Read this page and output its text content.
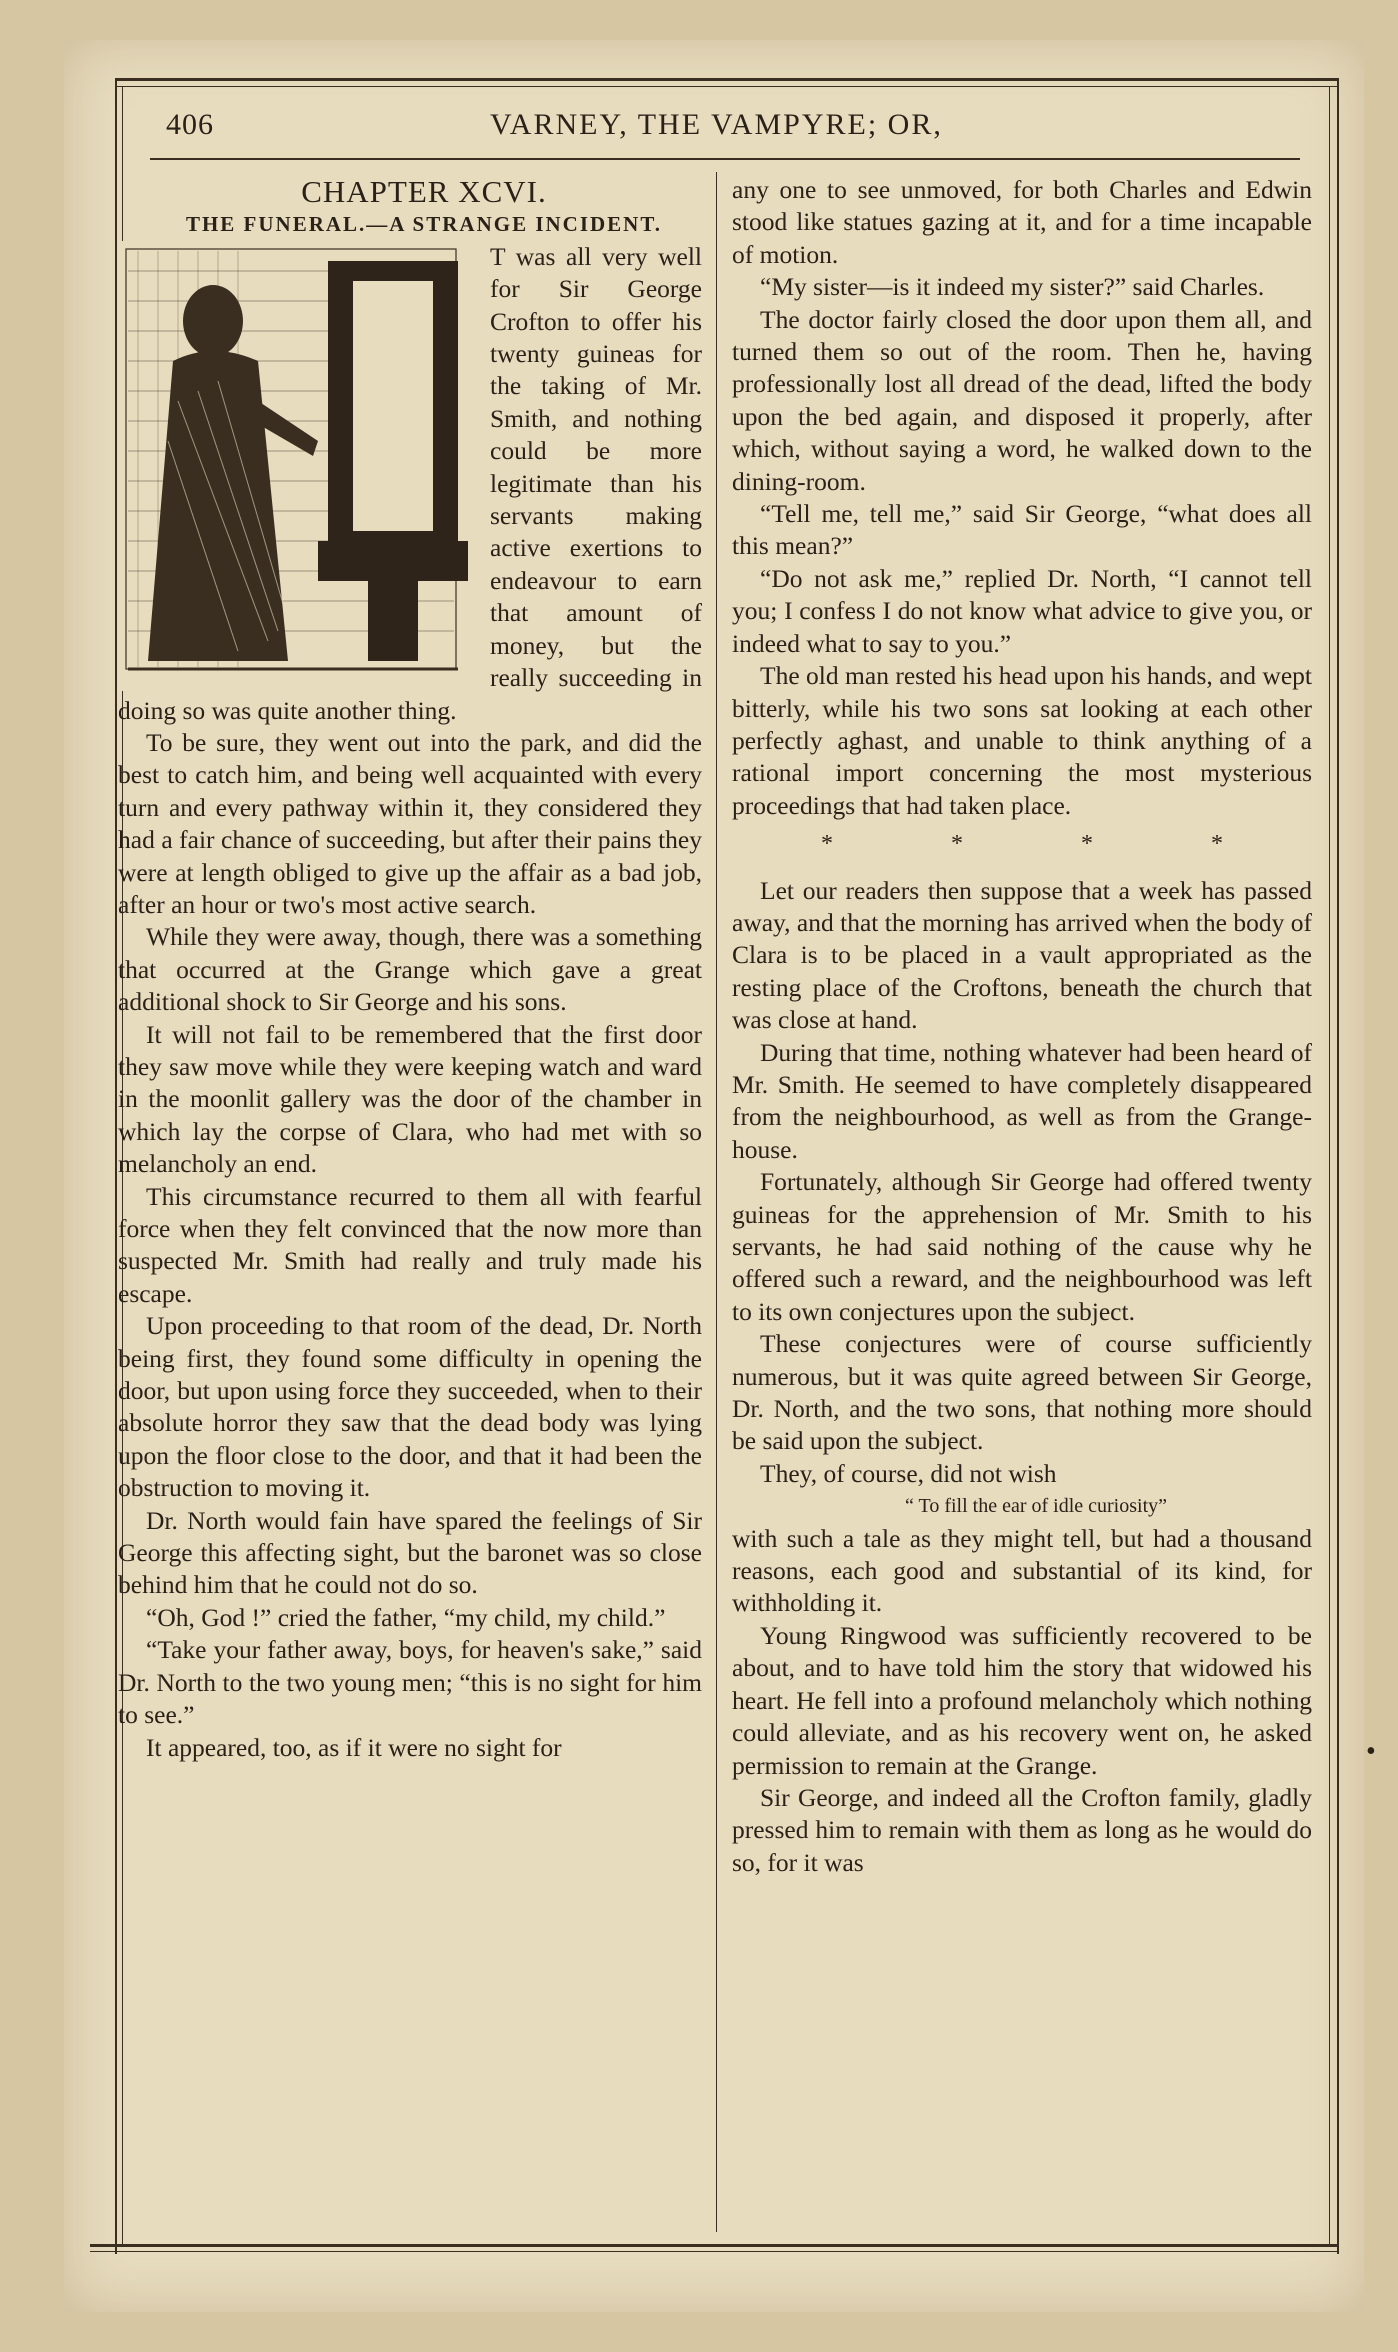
406	VARNEY, THE VAMPYRE; OR,

CHAPTER XCVI.

THE FUNERAL.—A STRANGE INCIDENT.

T was all very well for Sir George Crofton to offer his twenty guineas for the taking of Mr. Smith, and nothing could be more legitimate than his servants making active exertions to endeavour to earn that amount of money, but the really succeeding in doing so was quite another thing.

To be sure, they went out into the park, and did the best to catch him, and being well acquainted with every turn and every pathway within it, they considered they had a fair chance of succeeding, but after their pains they were at length obliged to give up the affair as a bad job, after an hour or two's most active search.

While they were away, though, there was a something that occurred at the Grange which gave a great additional shock to Sir George and his sons.

It will not fail to be remembered that the first door they saw move while they were keeping watch and ward in the moonlit gallery was the door of the chamber in which lay the corpse of Clara, who had met with so melancholy an end.

This circumstance recurred to them all with fearful force when they felt convinced that the now more than suspected Mr. Smith had really and truly made his escape.

Upon proceeding to that room of the dead, Dr. North being first, they found some difficulty in opening the door, but upon using force they succeeded, when to their absolute horror they saw that the dead body was lying upon the floor close to the door, and that it had been the obstruction to moving it.

Dr. North would fain have spared the feelings of Sir George this affecting sight, but the baronet was so close behind him that he could not do so.

“Oh, God !” cried the father, “my child, my child.”

“Take your father away, boys, for heaven's sake,” said Dr. North to the two young men; “this is no sight for him to see.”

It appeared, too, as if it were no sight for

any one to see unmoved, for both Charles and Edwin stood like statues gazing at it, and for a time incapable of motion.

“My sister—is it indeed my sister?” said Charles.

The doctor fairly closed the door upon them all, and turned them so out of the room. Then he, having professionally lost all dread of the dead, lifted the body upon the bed again, and disposed it properly, after which, without saying a word, he walked down to the dining-room.

“Tell me, tell me,” said Sir George, “what does all this mean?”

“Do not ask me,” replied Dr. North, “I cannot tell you; I confess I do not know what advice to give you, or indeed what to say to you.”

The old man rested his head upon his hands, and wept bitterly, while his two sons sat looking at each other perfectly aghast, and unable to think anything of a rational import concerning the most mysterious proceedings that had taken place.

*	*	*	*

Let our readers then suppose that a week has passed away, and that the morning has arrived when the body of Clara is to be placed in a vault appropriated as the resting place of the Croftons, beneath the church that was close at hand.

During that time, nothing whatever had been heard of Mr. Smith. He seemed to have completely disappeared from the neighbourhood, as well as from the Grange-house.

Fortunately, although Sir George had offered twenty guineas for the apprehension of Mr. Smith to his servants, he had said nothing of the cause why he offered such a reward, and the neighbourhood was left to its own conjectures upon the subject.

These conjectures were of course sufficiently numerous, but it was quite agreed between Sir George, Dr. North, and the two sons, that nothing more should be said upon the subject.

They, of course, did not wish

“ To fill the ear of idle curiosity”

with such a tale as they might tell, but had a thousand reasons, each good and substantial of its kind, for withholding it.

Young Ringwood was sufficiently recovered to be about, and to have told him the story that widowed his heart. He fell into a profound melancholy which nothing could alleviate, and as his recovery went on, he asked permission to remain at the Grange.

Sir George, and indeed all the Crofton family, gladly pressed him to remain with them as long as he would do so, for it was

•
